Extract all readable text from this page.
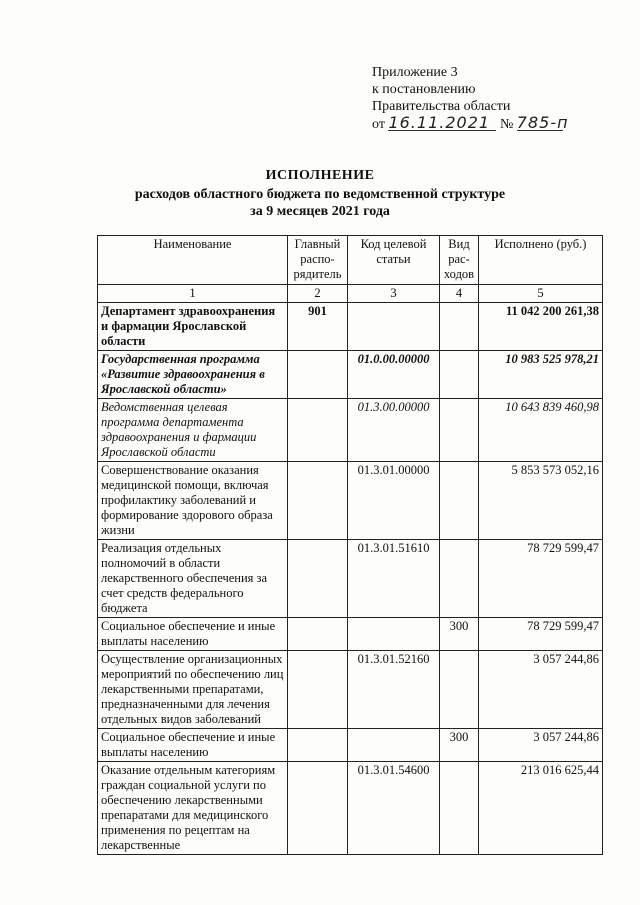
Приложение 3
к постановлению
Правительства области
от 16.11.2021 № 785-п
ИСПОЛНЕНИЕ
расходов областного бюджета по ведомственной структуре
за 9 месяцев 2021 года
Наименование	Главный распо-рядитель	Код целевой статьи	Вид рас-ходов	Исполнено (руб.)
1	2	3	4	5
Департамент здравоохранения и фармации Ярославской области	901			11 042 200 261,38
Государственная программа «Развитие здравоохранения в Ярославской области»		01.0.00.00000		10 983 525 978,21
Ведомственная целевая программа департамента здравоохранения и фармации Ярославской области		01.3.00.00000		10 643 839 460,98
Совершенствование оказания медицинской помощи, включая профилактику заболеваний и формирование здорового образа жизни		01.3.01.00000		5 853 573 052,16
Реализация отдельных полномочий в области лекарственного обеспечения за счет средств федерального бюджета		01.3.01.51610		78 729 599,47
Социальное обеспечение и иные выплаты населению			300	78 729 599,47
Осуществление организационных мероприятий по обеспечению лиц лекарственными препаратами, предназначенными для лечения отдельных видов заболеваний		01.3.01.52160		3 057 244,86
Социальное обеспечение и иные выплаты населению			300	3 057 244,86
Оказание отдельным категориям граждан социальной услуги по обеспечению лекарственными препаратами для медицинского применения по рецептам на лекарственные		01.3.01.54600		213 016 625,44
